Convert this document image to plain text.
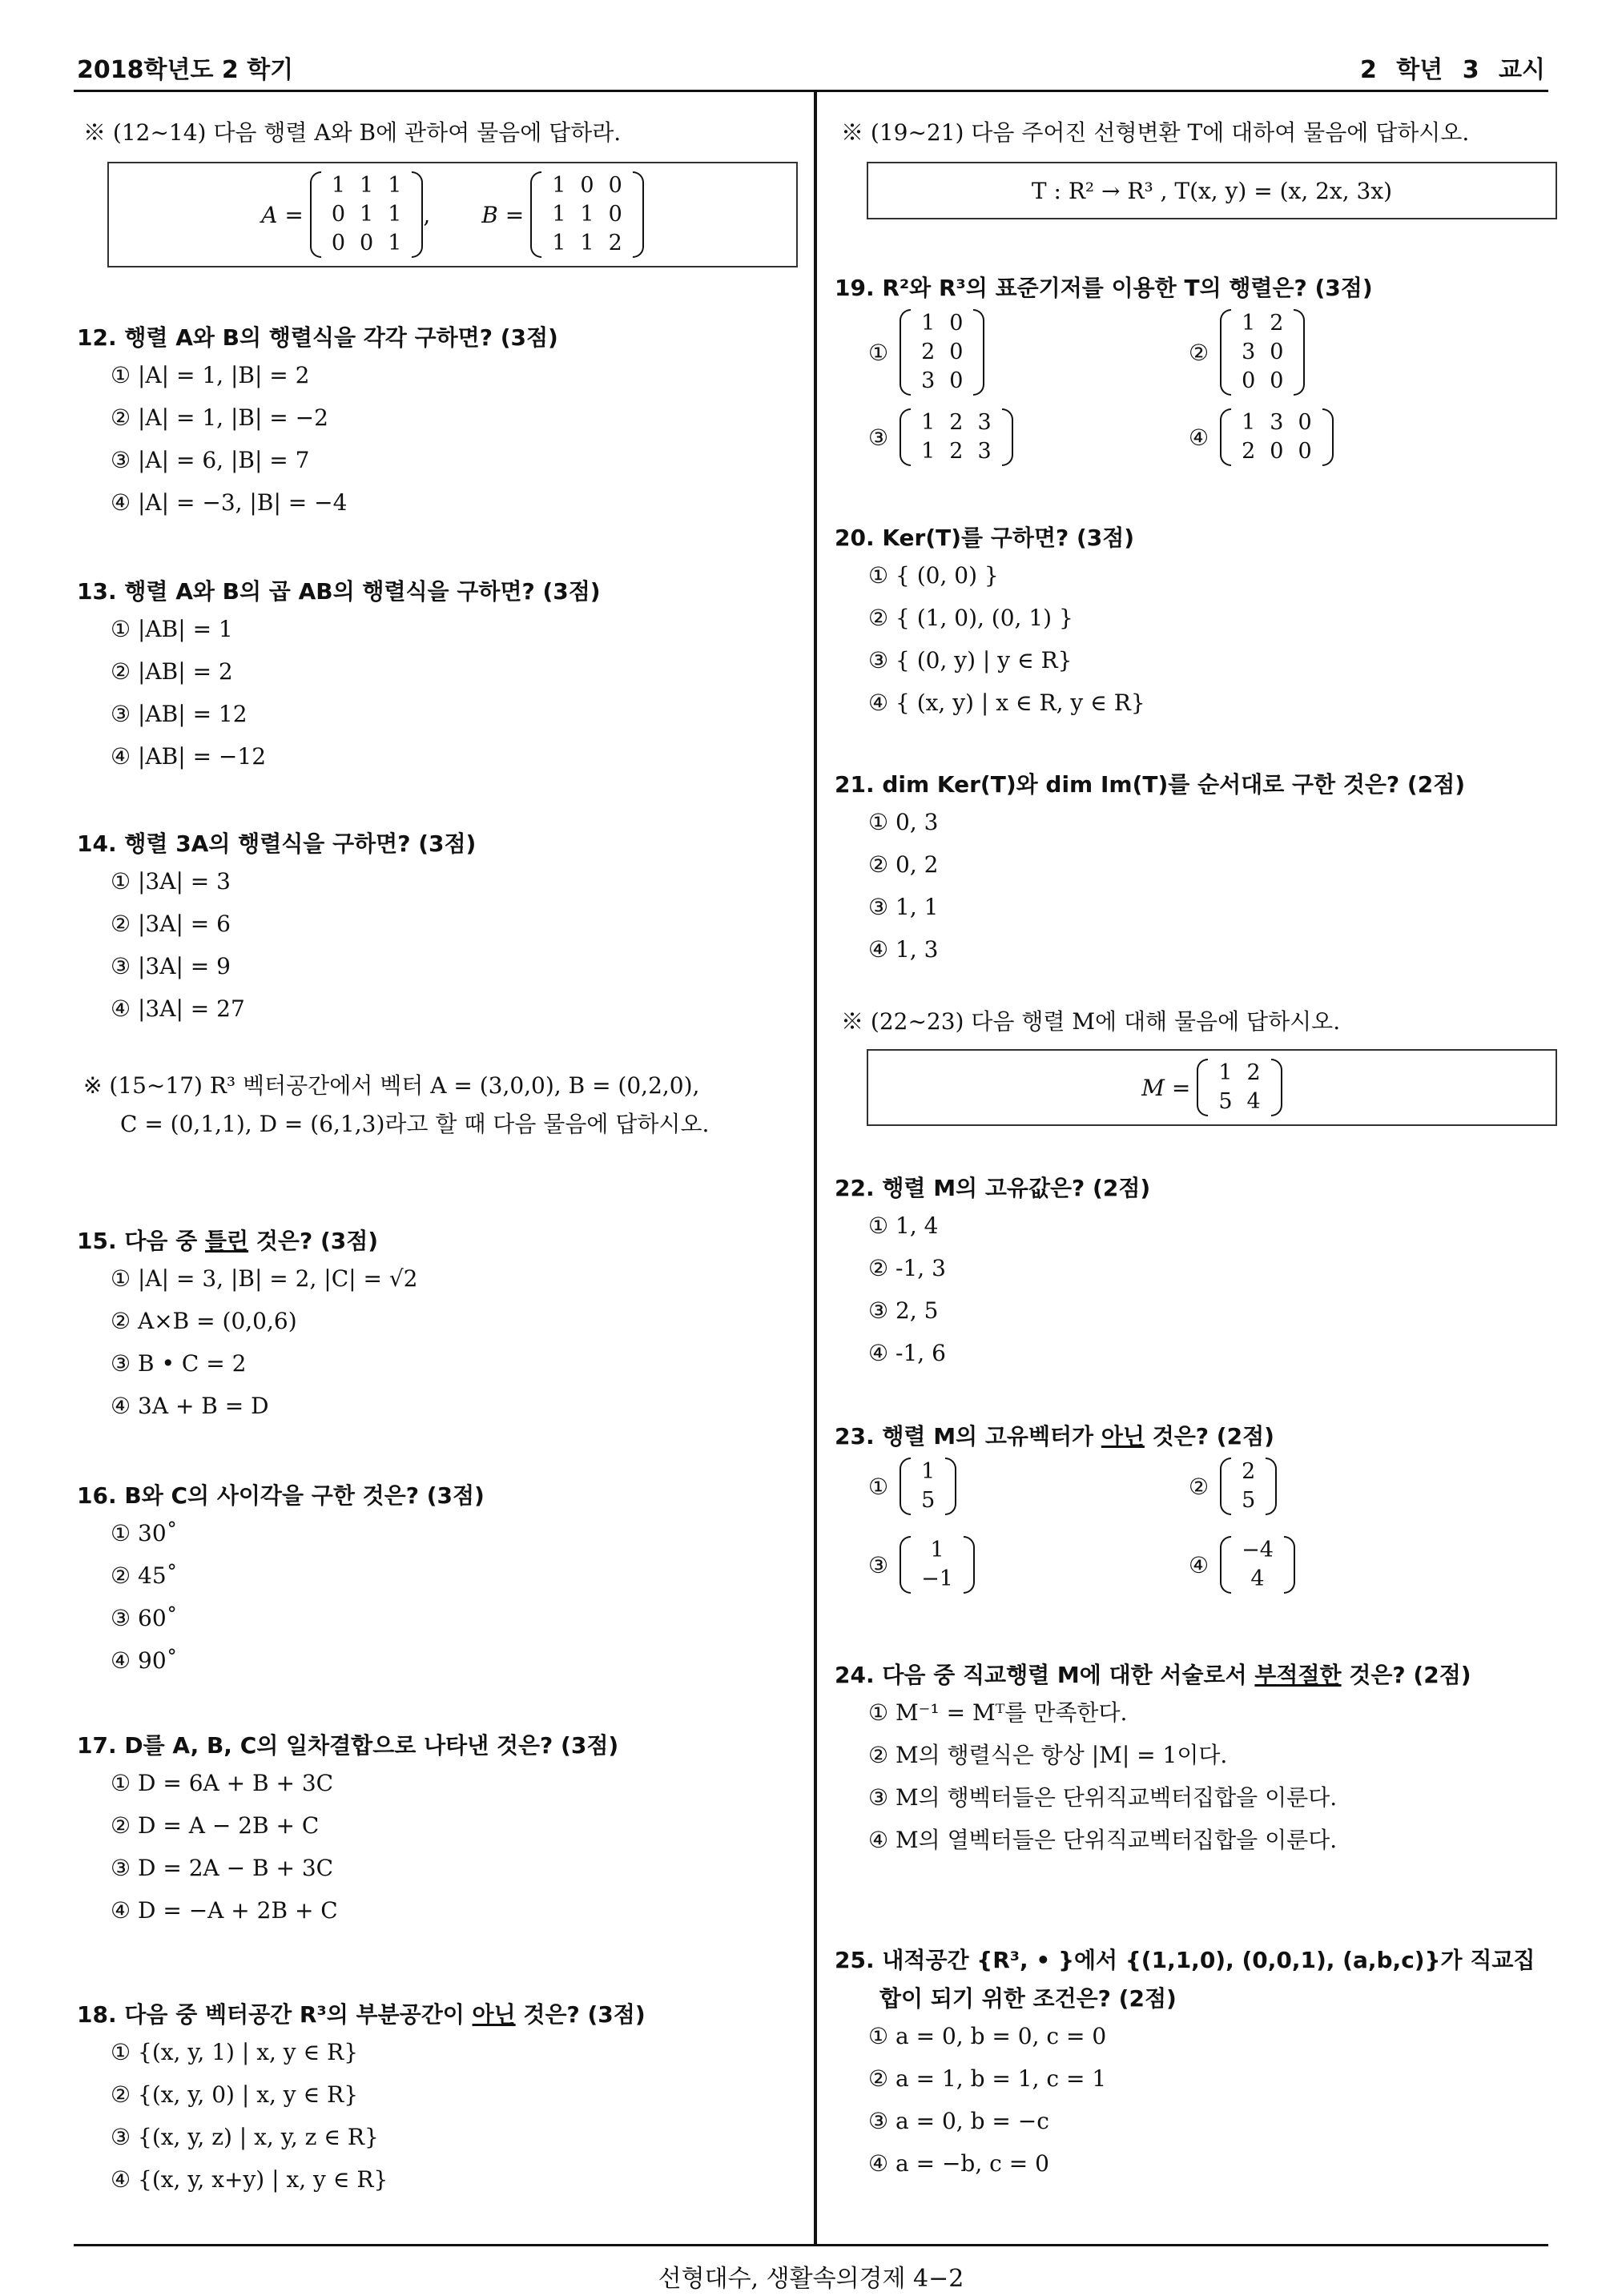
2018학년도 2 학기	2 학년 3 교시
※ (12∼14) 다음 행렬 A와 B에 관하여 물음에 답하라.
A =
1	1	1
0	1	1
0	0	1
, B =
1	0	0
1	1	0
1	1	2
12. 행렬 A와 B의 행렬식을 각각 구하면? (3점)
① |A| = 1, |B| = 2
② |A| = 1, |B| = −2
③ |A| = 6, |B| = 7
④ |A| = −3, |B| = −4
13. 행렬 A와 B의 곱 AB의 행렬식을 구하면? (3점)
① |AB| = 1
② |AB| = 2
③ |AB| = 12
④ |AB| = −12
14. 행렬 3A의 행렬식을 구하면? (3점)
① |3A| = 3
② |3A| = 6
③ |3A| = 9
④ |3A| = 27
※ (15∼17) R³ 벡터공간에서 벡터 A = (3,0,0), B = (0,2,0),
C = (0,1,1), D = (6,1,3)라고 할 때 다음 물음에 답하시오.
15. 다음 중 틀린 것은? (3점)
① |A| = 3, |B| = 2, |C| = √2
② A×B = (0,0,6)
③ B • C = 2
④ 3A + B = D
16. B와 C의 사이각을 구한 것은? (3점)
① 30˚
② 45˚
③ 60˚
④ 90˚
17. D를 A, B, C의 일차결합으로 나타낸 것은? (3점)
① D = 6A + B + 3C
② D = A − 2B + C
③ D = 2A − B + 3C
④ D = −A + 2B + C
18. 다음 중 벡터공간 R³의 부분공간이 아닌 것은? (3점)
① {(x, y, 1) | x, y ∈ R}
② {(x, y, 0) | x, y ∈ R}
③ {(x, y, z) | x, y, z ∈ R}
④ {(x, y, x+y) | x, y ∈ R}
※ (19∼21) 다음 주어진 선형변환 T에 대하여 물음에 답하시오.
T : R² → R³ , T(x, y) = (x, 2x, 3x)
19. R²와 R³의 표준기저를 이용한 T의 행렬은? (3점)
①
1	0
2	0
3	0
②
1	2
3	0
0	0
③
1	2	3
1	2	3
④
1	3	0
2	0	0
20. Ker(T)를 구하면? (3점)
① { (0, 0) }
② { (1, 0), (0, 1) }
③ { (0, y) | y ∈ R}
④ { (x, y) | x ∈ R, y ∈ R}
21. dim Ker(T)와 dim Im(T)를 순서대로 구한 것은? (2점)
① 0, 3
② 0, 2
③ 1, 1
④ 1, 3
※ (22∼23) 다음 행렬 M에 대해 물음에 답하시오.
M =
1	2
5	4
22. 행렬 M의 고유값은? (2점)
① 1, 4
② -1, 3
③ 2, 5
④ -1, 6
23. 행렬 M의 고유벡터가 아닌 것은? (2점)
①
1
5
②
2
5
③
1
−1
④
−4
4
24. 다음 중 직교행렬 M에 대한 서술로서 부적절한 것은? (2점)
① M⁻¹ = Mᵀ를 만족한다.
② M의 행렬식은 항상 |M| = 1이다.
③ M의 행벡터들은 단위직교벡터집합을 이룬다.
④ M의 열벡터들은 단위직교벡터집합을 이룬다.
25. 내적공간 {R³, • }에서 {(1,1,0), (0,0,1), (a,b,c)}가 직교집
합이 되기 위한 조건은? (2점)
① a = 0, b = 0, c = 0
② a = 1, b = 1, c = 1
③ a = 0, b = −c
④ a = −b, c = 0
선형대수, 생활속의경제 4−2
